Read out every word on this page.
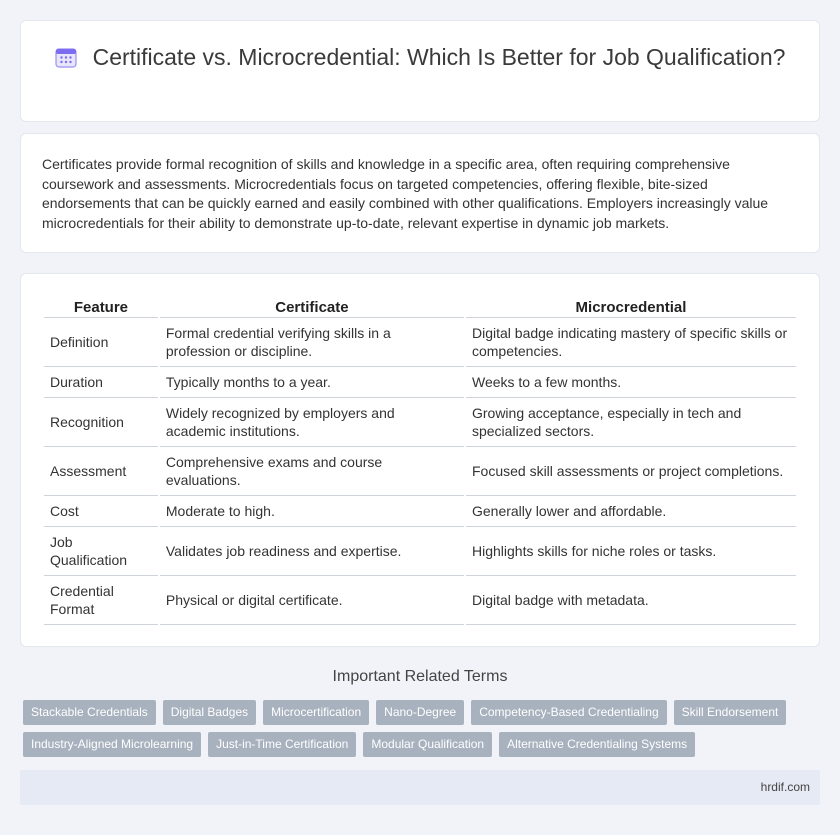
Certificate vs. Microcredential: Which Is Better for Job Qualification?

Certificates provide formal recognition of skills and knowledge in a specific area, often requiring comprehensive coursework and assessments. Microcredentials focus on targeted competencies, offering flexible, bite-sized endorsements that can be quickly earned and easily combined with other qualifications. Employers increasingly value microcredentials for their ability to demonstrate up-to-date, relevant expertise in dynamic job markets.

Feature	Certificate	Microcredential
Definition	Formal credential verifying skills in a profession or discipline.	Digital badge indicating mastery of specific skills or competencies.
Duration	Typically months to a year.	Weeks to a few months.
Recognition	Widely recognized by employers and academic institutions.	Growing acceptance, especially in tech and specialized sectors.
Assessment	Comprehensive exams and course evaluations.	Focused skill assessments or project completions.
Cost	Moderate to high.	Generally lower and affordable.
Job Qualification	Validates job readiness and expertise.	Highlights skills for niche roles or tasks.
Credential Format	Physical or digital certificate.	Digital badge with metadata.
Important Related Terms
Stackable Credentials	Digital Badges	Microcertification	Nano-Degree	Competency-Based Credentialing	Skill Endorsement
Industry-Aligned Microlearning	Just-in-Time Certification	Modular Qualification	Alternative Credentialing Systems
hrdif.com
